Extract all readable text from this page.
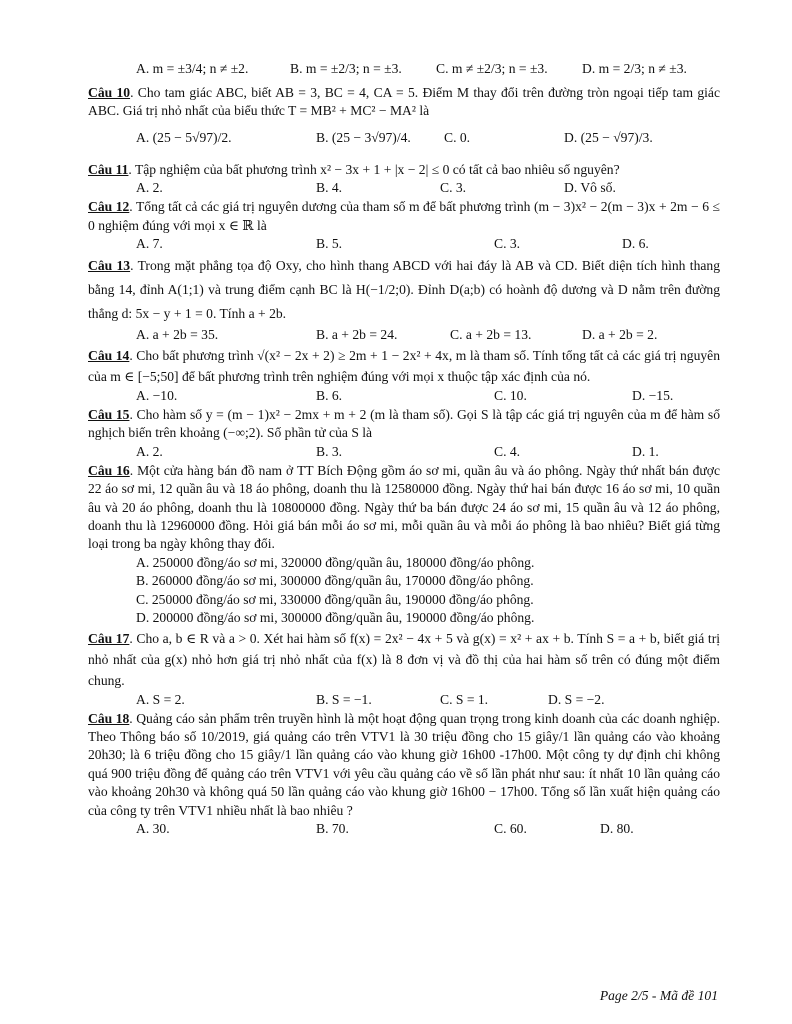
A. m = ±3/4; n ≠ ±2.	B. m = ±2/3; n = ±3.	C. m ≠ ±2/3; n = ±3.	D. m = 2/3; n ≠ ±3.

Câu 10. Cho tam giác ABC, biết AB = 3, BC = 4, CA = 5. Điểm M thay đổi trên đường tròn ngoại tiếp tam giác ABC. Giá trị nhỏ nhất của biểu thức T = MB² + MC² − MA² là

A. (25 − 5√97)/2.	B. (25 − 3√97)/4. C. 0.	D. (25 − √97)/3.

Câu 11. Tập nghiệm của bất phương trình x² − 3x + 1 + |x − 2| ≤ 0 có tất cả bao nhiêu số nguyên?

A. 2.	B. 4.	C. 3.	D. Vô số.

Câu 12. Tổng tất cả các giá trị nguyên dương của tham số m để bất phương trình (m − 3)x² − 2(m − 3)x + 2m − 6 ≤ 0 nghiệm đúng với mọi x ∈ ℝ là

A. 7.	B. 5.	C. 3.	D. 6.

Câu 13. Trong mặt phẳng tọa độ Oxy, cho hình thang ABCD với hai đáy là AB và CD. Biết diện tích hình thang bằng 14, đỉnh A(1;1) và trung điểm cạnh BC là H(−1/2;0). Đỉnh D(a;b) có hoành độ dương và D nằm trên đường thẳng d: 5x − y + 1 = 0. Tính a + 2b.

A. a + 2b = 35.	B. a + 2b = 24.	C. a + 2b = 13.	D. a + 2b = 2.

Câu 14. Cho bất phương trình √(x² − 2x + 2) ≥ 2m + 1 − 2x² + 4x, m là tham số. Tính tổng tất cả các giá trị nguyên của m ∈ [−5;50] để bất phương trình trên nghiệm đúng với mọi x thuộc tập xác định của nó.

A. −10.	B. 6.	C. 10.	D. −15.

Câu 15. Cho hàm số y = (m − 1)x² − 2mx + m + 2 (m là tham số). Gọi S là tập các giá trị nguyên của m để hàm số nghịch biến trên khoảng (−∞;2). Số phần tử của S là

A. 2.	B. 3.	C. 4.	D. 1.

Câu 16. Một cửa hàng bán đồ nam ở TT Bích Động gồm áo sơ mi, quần âu và áo phông. Ngày thứ nhất bán được 22 áo sơ mi, 12 quần âu và 18 áo phông, doanh thu là 12580000 đồng. Ngày thứ hai bán được 16 áo sơ mi, 10 quần âu và 20 áo phông, doanh thu là 10800000 đồng. Ngày thứ ba bán được 24 áo sơ mi, 15 quần âu và 12 áo phông, doanh thu là 12960000 đồng. Hỏi giá bán mỗi áo sơ mi, mỗi quần âu và mỗi áo phông là bao nhiêu? Biết giá từng loại trong ba ngày không thay đổi.

A. 250000 đồng/áo sơ mi, 320000 đồng/quần âu, 180000 đồng/áo phông.

B. 260000 đồng/áo sơ mi, 300000 đồng/quần âu, 170000 đồng/áo phông.

C. 250000 đồng/áo sơ mi, 330000 đồng/quần âu, 190000 đồng/áo phông.

D. 200000 đồng/áo sơ mi, 300000 đồng/quần âu, 190000 đồng/áo phông.

Câu 17. Cho a, b ∈ R và a > 0. Xét hai hàm số f(x) = 2x² − 4x + 5 và g(x) = x² + ax + b. Tính S = a + b, biết giá trị nhỏ nhất của g(x) nhỏ hơn giá trị nhỏ nhất của f(x) là 8 đơn vị và đồ thị của hai hàm số trên có đúng một điểm chung.

A. S = 2.	B. S = −1.	C. S = 1.	D. S = −2.

Câu 18. Quảng cáo sản phẩm trên truyền hình là một hoạt động quan trọng trong kinh doanh của các doanh nghiệp. Theo Thông báo số 10/2019, giá quảng cáo trên VTV1 là 30 triệu đồng cho 15 giây/1 lần quảng cáo vào khoảng 20h30; là 6 triệu đồng cho 15 giây/1 lần quảng cáo vào khung giờ 16h00 -17h00. Một công ty dự định chi không quá 900 triệu đồng để quảng cáo trên VTV1 với yêu cầu quảng cáo về số lần phát như sau: ít nhất 10 lần quảng cáo vào khoảng 20h30 và không quá 50 lần quảng cáo vào khung giờ 16h00 − 17h00. Tổng số lần xuất hiện quảng cáo của công ty trên VTV1 nhiều nhất là bao nhiêu ?

A. 30.	B. 70.	C. 60.	D. 80.
Page 2/5 - Mã đề 101
